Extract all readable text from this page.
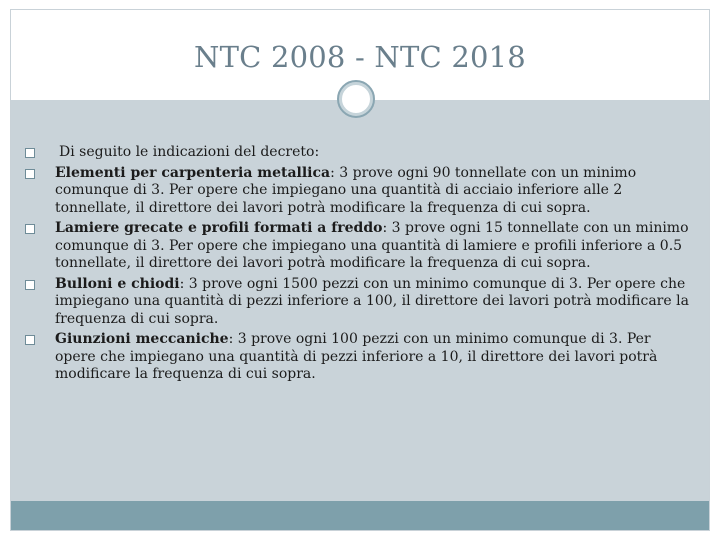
NTC 2008 - NTC 2018
Di seguito le indicazioni del decreto:
Elementi per carpenteria metallica: 3 prove ogni 90 tonnellate con un minimo comunque di 3. Per opere che impiegano una quantità di acciaio inferiore alle 2 tonnellate, il direttore dei lavori potrà modificare la frequenza di cui sopra.
Lamiere grecate e profili formati a freddo: 3 prove ogni 15 tonnellate con un minimo comunque di 3. Per opere che impiegano una quantità di lamiere e profili inferiore a 0.5 tonnellate, il direttore dei lavori potrà modificare la frequenza di cui sopra.
Bulloni e chiodi: 3 prove ogni 1500 pezzi con un minimo comunque di 3. Per opere che impiegano una quantità di pezzi inferiore a 100, il direttore dei lavori potrà modificare la frequenza di cui sopra.
Giunzioni meccaniche: 3 prove ogni 100 pezzi con un minimo comunque di 3. Per opere che impiegano una quantità di pezzi inferiore a 10, il direttore dei lavori potrà modificare la frequenza di cui sopra.
